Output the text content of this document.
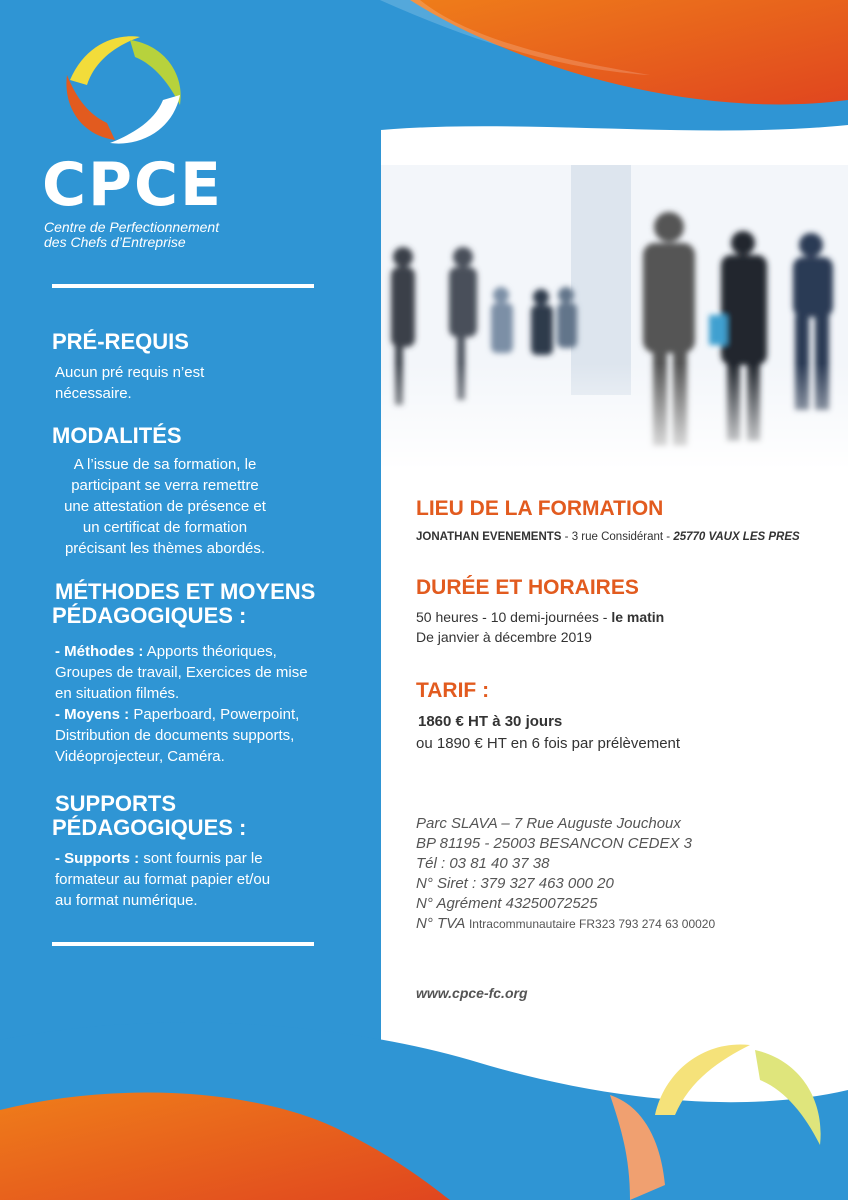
CPCE
Centre de Perfectionnement
des Chefs d’Entreprise
PRÉ-REQUIS
Aucun pré requis n’est
nécessaire.
MODALITÉS
A l’issue de sa formation, le
participant se verra remettre
une attestation de présence et
un certificat de formation
précisant les thèmes abordés.
MÉTHODES ET MOYENS
PÉDAGOGIQUES :
- Méthodes : Apports théoriques,
Groupes de travail, Exercices de mise
en situation filmés.
- Moyens : Paperboard, Powerpoint,
Distribution de documents supports,
Vidéoprojecteur, Caméra.
SUPPORTS
PÉDAGOGIQUES :
- Supports : sont fournis par le
formateur au format papier et/ou
au format numérique.
LIEU DE LA FORMATION
JONATHAN EVENEMENTS - 3 rue Considérant - 25770 VAUX LES PRES
DURÉE ET HORAIRES
50 heures - 10 demi-journées - le matin
De janvier à décembre 2019
TARIF :
1860 € HT à 30 jours
ou 1890 € HT en 6 fois par prélèvement
Parc SLAVA – 7 Rue Auguste Jouchoux
BP 81195 - 25003 BESANCON CEDEX 3
Tél : 03 81 40 37 38
N° Siret : 379 327 463 000 20
N° Agrément 43250072525
N° TVA Intracommunautaire FR323 793 274 63 00020
www.cpce-fc.org
